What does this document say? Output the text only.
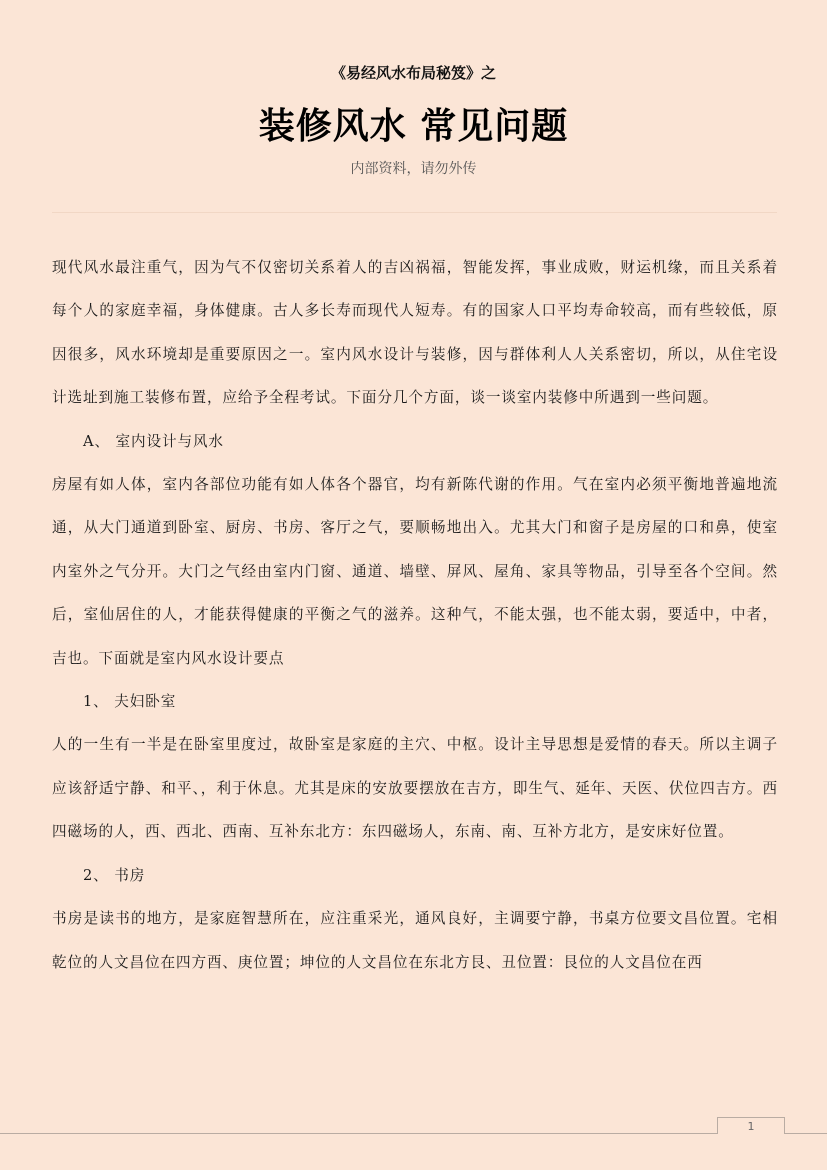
《易经风水布局秘笈》之
装修风水 常见问题
内部资料，请勿外传

现代风水最注重气，因为气不仅密切关系着人的吉凶祸福，智能发挥，事业成败，财运机缘，而且关系着每个人的家庭幸福，身体健康。古人多长寿而现代人短寿。有的国家人口平均寿命较高，而有些较低，原因很多，风水环境却是重要原因之一。室内风水设计与装修，因与群体利人人关系密切，所以，从住宅设计选址到施工装修布置，应给予全程考试。下面分几个方面，谈一谈室内装修中所遇到一些问题。

A、 室内设计与风水

房屋有如人体，室内各部位功能有如人体各个器官，均有新陈代谢的作用。气在室内必须平衡地普遍地流通，从大门通道到卧室、厨房、书房、客厅之气，要顺畅地出入。尤其大门和窗子是房屋的口和鼻，使室内室外之气分开。大门之气经由室内门窗、通道、墙壁、屏风、屋角、家具等物品，引导至各个空间。然后，室仙居住的人，才能获得健康的平衡之气的滋养。这种气，不能太强，也不能太弱，要适中，中者，吉也。下面就是室内风水设计要点

1、 夫妇卧室

人的一生有一半是在卧室里度过，故卧室是家庭的主穴、中枢。设计主导思想是爱情的春天。所以主调子应该舒适宁静、和平、，利于休息。尤其是床的安放要摆放在吉方，即生气、延年、天医、伏位四吉方。西四磁场的人，西、西北、西南、互补东北方：东四磁场人，东南、南、互补方北方，是安床好位置。

2、 书房

书房是读书的地方，是家庭智慧所在，应注重采光，通风良好，主调要宁静，书桌方位要文昌位置。宅相乾位的人文昌位在四方酉、庚位置；坤位的人文昌位在东北方艮、丑位置：艮位的人文昌位在西

1
